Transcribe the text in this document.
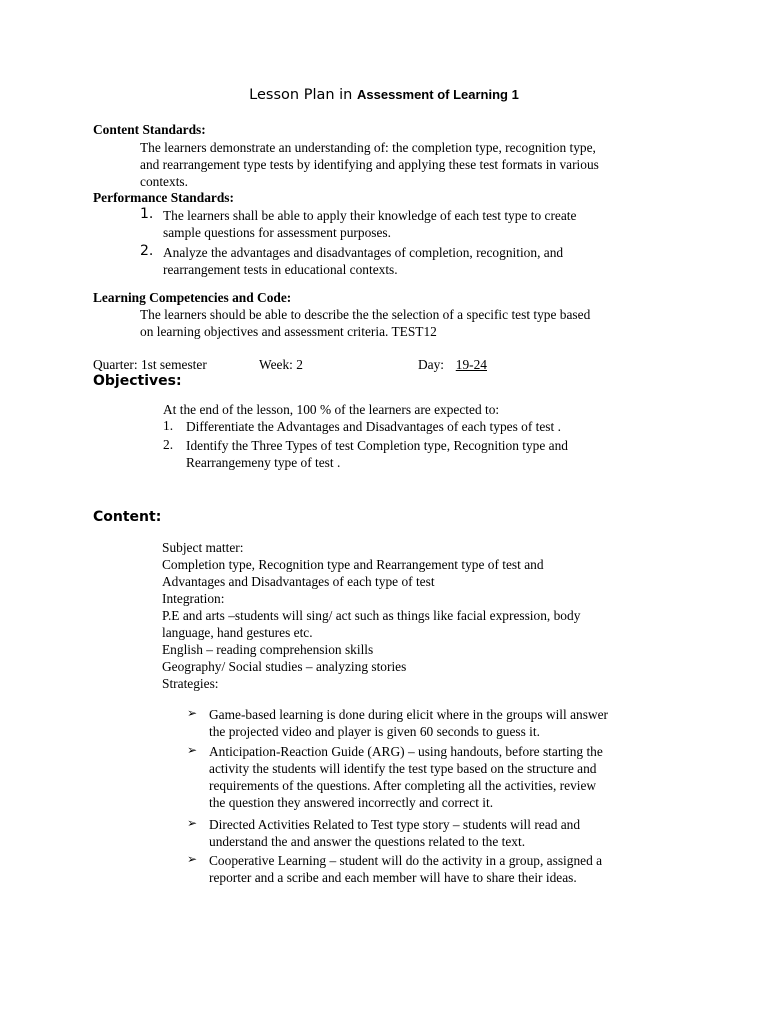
Lesson Plan in Assessment of Learning 1
Content Standards:
The learners demonstrate an understanding of: the completion type, recognition type,
and rearrangement type tests by identifying and applying these test formats in various
contexts.
Performance Standards:
1. The learners shall be able to apply their knowledge of each test type to create
sample questions for assessment purposes.
2. Analyze the advantages and disadvantages of completion, recognition, and
rearrangement tests in educational contexts.
Learning Competencies and Code:
The learners should be able to describe the the selection of a specific test type based
on learning objectives and assessment criteria. TEST12
Quarter: 1st semester	Week: 2	Day: 19-24
Objectives:
At the end of the lesson, 100 % of the learners are expected to:
1. Differentiate the Advantages and Disadvantages of each types of test .
2. Identify the Three Types of test Completion type, Recognition type and
Rearrangemeny type of test .
Content:
Subject matter:
Completion type, Recognition type and Rearrangement type of test and
Advantages and Disadvantages of each type of test
Integration:
P.E and arts –students will sing/ act such as things like facial expression, body
language, hand gestures etc.
English – reading comprehension skills
Geography/ Social studies – analyzing stories
Strategies:
➢ Game-based learning is done during elicit where in the groups will answer
the projected video and player is given 60 seconds to guess it.
➢ Anticipation-Reaction Guide (ARG) – using handouts, before starting the
activity the students will identify the test type based on the structure and
requirements of the questions. After completing all the activities, review
the question they answered incorrectly and correct it.
➢ Directed Activities Related to Test type story – students will read and
understand the and answer the questions related to the text.
➢ Cooperative Learning – student will do the activity in a group, assigned a
reporter and a scribe and each member will have to share their ideas.
